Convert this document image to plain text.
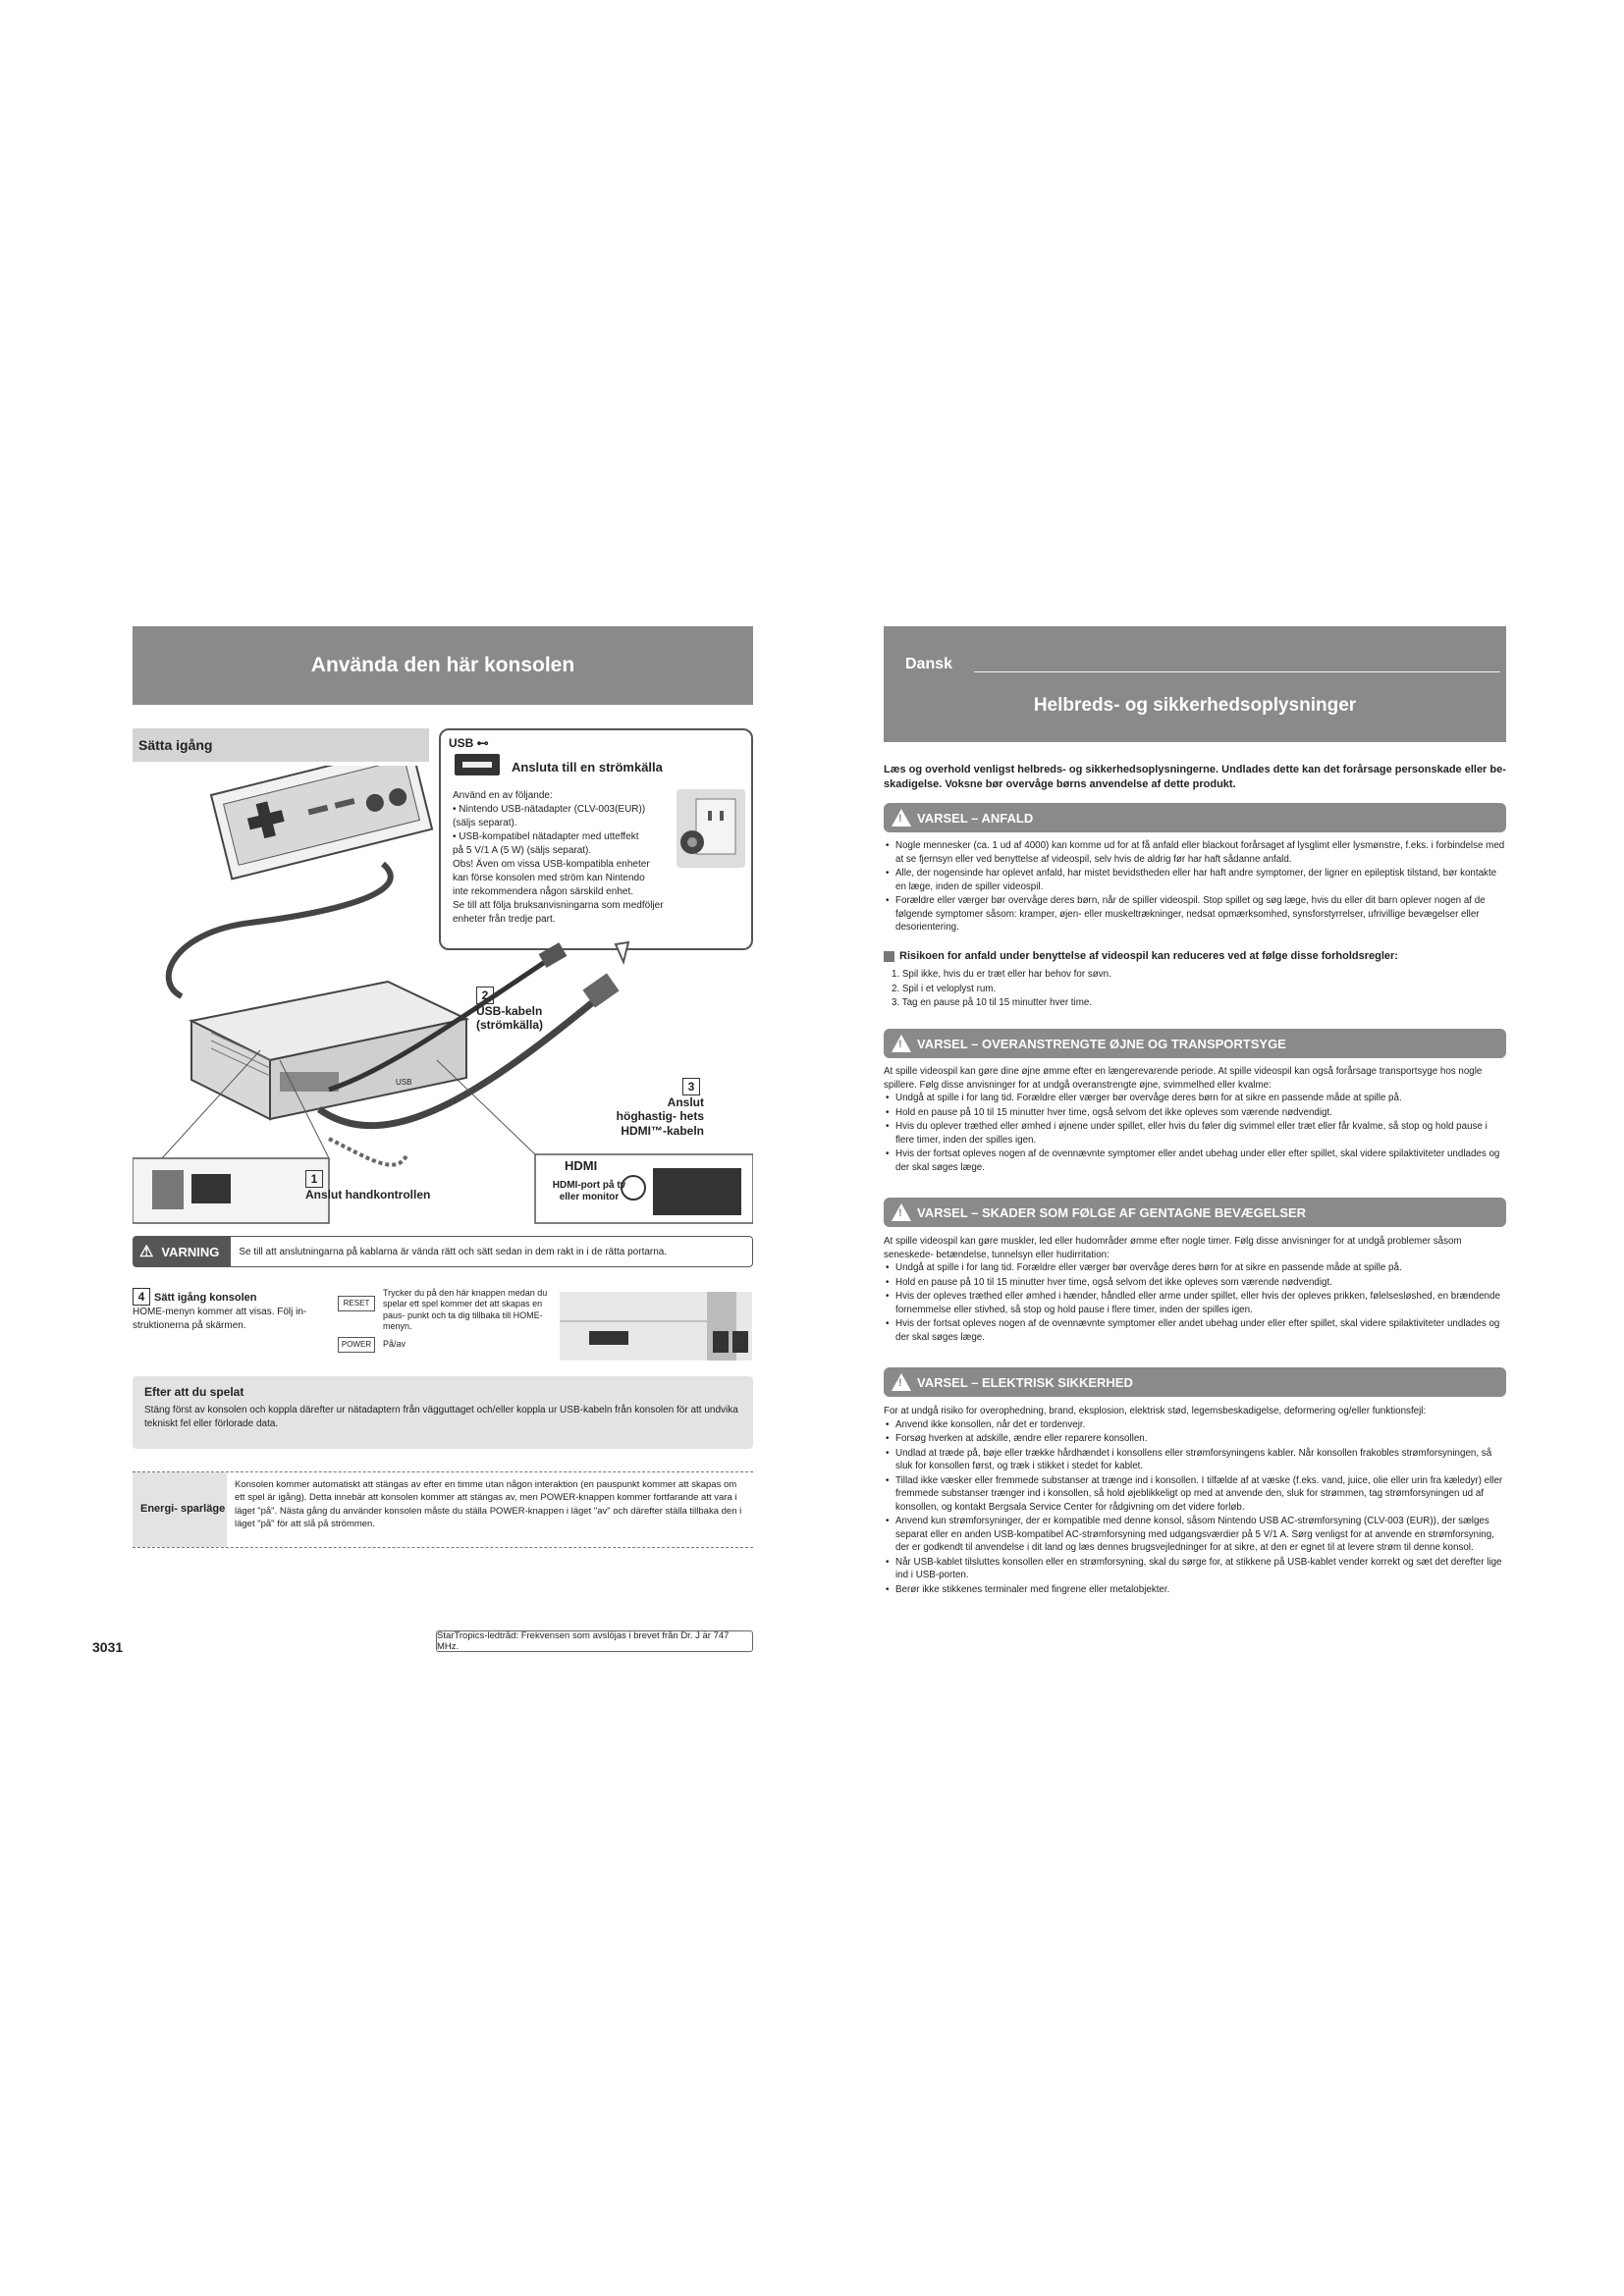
Använda den här konsolen
Sätta igång	USB ⊷
Ansluta till en strömkälla

Använd en av följande:

• Nintendo USB-nätadapter (CLV-003(EUR))

(säljs separat).

• USB-kompatibel nätadapter med utteffekt

på 5 V/1 A (5 W) (säljs separat).

Obs! Även om vissa USB-kompatibla enheter

kan förse konsolen med ström kan Nintendo

inte rekommendera någon särskild enhet.

Se till att följa bruksanvisningarna som medföljer

enheter från tredje part.

2
USB-kabeln (strömkälla)
USB	3
Anslut höghastig- hets HDMI™-kabeln
1
Anslut handkontrollen
HDMI
HDMI-port på tv eller monitor
⚠ VARNING	Se till att anslutningarna på kablarna är vända rätt och sätt sedan in dem rakt in i de rätta portarna.
4 Sätt igång konsolen
HOME-menyn kommer att visas. Följ in- struktionerna på skärmen.
RESET
Trycker du på den här knappen medan du spelar ett spel kommer det att skapas en paus- punkt och ta dig tillbaka till HOME-menyn.
POWER	På/av
Efter att du spelat
Stäng först av konsolen och koppla därefter ur nätadaptern från vägguttaget och/eller koppla ur USB-kabeln från konsolen för att undvika tekniskt fel eller förlorade data.
Energi- sparläge
Konsolen kommer automatiskt att stängas av efter en timme utan någon interaktion (en pauspunkt kommer att skapas om ett spel är igång). Detta innebär att konsolen kommer att stängas av, men POWER-knappen kommer fortfarande att vara i läget "på". Nästa gång du använder konsolen måste du ställa POWER-knappen i läget "av" och därefter ställa tillbaka den i läget "på" för att slå på strömmen.
3031
StarTropics-ledtråd: Frekvensen som avslöjas i brevet från Dr. J är 747 MHz.
Dansk
Helbreds- og sikkerhedsoplysninger
Læs og overhold venligst helbreds- og sikkerhedsoplysningerne. Undlades dette kan det forårsage personskade eller be- skadigelse. Voksne bør overvåge børns anvendelse af dette produkt.
!
VARSEL – ANFALD
• Nogle mennesker (ca. 1 ud af 4000) kan komme ud for at få anfald eller blackout forårsaget af lysglimt eller lysmønstre, f.eks. i forbindelse med at se fjernsyn eller ved benyttelse af videospil, selv hvis de aldrig før har haft sådanne anfald.
• Alle, der nogensinde har oplevet anfald, har mistet bevidstheden eller har haft andre symptomer, der ligner en epileptisk tilstand, bør kontakte en læge, inden de spiller videospil.
• Forældre eller værger bør overvåge deres børn, når de spiller videospil. Stop spillet og søg læge, hvis du eller dit barn oplever nogen af de følgende symptomer såsom: kramper, øjen- eller muskeltrækninger, nedsat opmærksomhed, synsforstyrrelser, ufrivillige bevægelser eller desorientering.
Risikoen for anfald under benyttelse af videospil kan reduceres ved at følge disse forholdsregler:
1. Spil ikke, hvis du er træt eller har behov for søvn.
2. Spil i et veloplyst rum.
3. Tag en pause på 10 til 15 minutter hver time.
!
VARSEL – OVERANSTRENGTE ØJNE OG TRANSPORTSYGE

At spille videospil kan gøre dine øjne ømme efter en længerevarende periode. At spille videospil kan også forårsage transportsyge hos nogle spillere. Følg disse anvisninger for at undgå overanstrengte øjne, svimmelhed eller kvalme:

• Undgå at spille i for lang tid. Forældre eller værger bør overvåge deres børn for at sikre en passende måde at spille på.
• Hold en pause på 10 til 15 minutter hver time, også selvom det ikke opleves som værende nødvendigt.
• Hvis du oplever træthed eller ømhed i øjnene under spillet, eller hvis du føler dig svimmel eller træt eller får kvalme, så stop og hold pause i flere timer, inden der spilles igen.
• Hvis der fortsat opleves nogen af de ovennævnte symptomer eller andet ubehag under eller efter spillet, skal videre spilaktiviteter undlades og der skal søges læge.
!
VARSEL – SKADER SOM FØLGE AF GENTAGNE BEVÆGELSER

At spille videospil kan gøre muskler, led eller hudområder ømme efter nogle timer. Følg disse anvisninger for at undgå problemer såsom seneskede- betændelse, tunnelsyn eller hudirritation:

• Undgå at spille i for lang tid. Forældre eller værger bør overvåge deres børn for at sikre en passende måde at spille på.
• Hold en pause på 10 til 15 minutter hver time, også selvom det ikke opleves som værende nødvendigt.
• Hvis der opleves træthed eller ømhed i hænder, håndled eller arme under spillet, eller hvis der opleves prikken, følelsesløshed, en brændende fornemmelse eller stivhed, så stop og hold pause i flere timer, inden der spilles igen.
• Hvis der fortsat opleves nogen af de ovennævnte symptomer eller andet ubehag under eller efter spillet, skal videre spilaktiviteter undlades og der skal søges læge.
!
VARSEL – ELEKTRISK SIKKERHED

For at undgå risiko for overophedning, brand, eksplosion, elektrisk stød, legemsbeskadigelse, deformering og/eller funktionsfejl:

• Anvend ikke konsollen, når det er tordenvejr.
• Forsøg hverken at adskille, ændre eller reparere konsollen.
• Undlad at træde på, bøje eller trække hårdhændet i konsollens eller strømforsyningens kabler. Når konsollen frakobles strømforsyningen, så sluk for konsollen først, og træk i stikket i stedet for kablet.
• Tillad ikke væsker eller fremmede substanser at trænge ind i konsollen. I tilfælde af at væske (f.eks. vand, juice, olie eller urin fra kæledyr) eller fremmede substanser trænger ind i konsollen, så hold øjeblikkeligt op med at anvende den, sluk for strømmen, tag strømforsyningen ud af konsollen, og kontakt Bergsala Service Center for rådgivning om det videre forløb.
• Anvend kun strømforsyninger, der er kompatible med denne konsol, såsom Nintendo USB AC-strømforsyning (CLV-003 (EUR)), der sælges separat eller en anden USB-kompatibel AC-strømforsyning med udgangsværdier på 5 V/1 A. Sørg venligst for at anvende en strømforsyning, der er godkendt til anvendelse i dit land og læs dennes brugsvejledninger for at sikre, at den er egnet til at levere strøm til denne konsol.
• Når USB-kablet tilsluttes konsollen eller en strømforsyning, skal du sørge for, at stikkene på USB-kablet vender korrekt og sæt det derefter lige ind i USB-porten.
• Berør ikke stikkenes terminaler med fingrene eller metalobjekter.
